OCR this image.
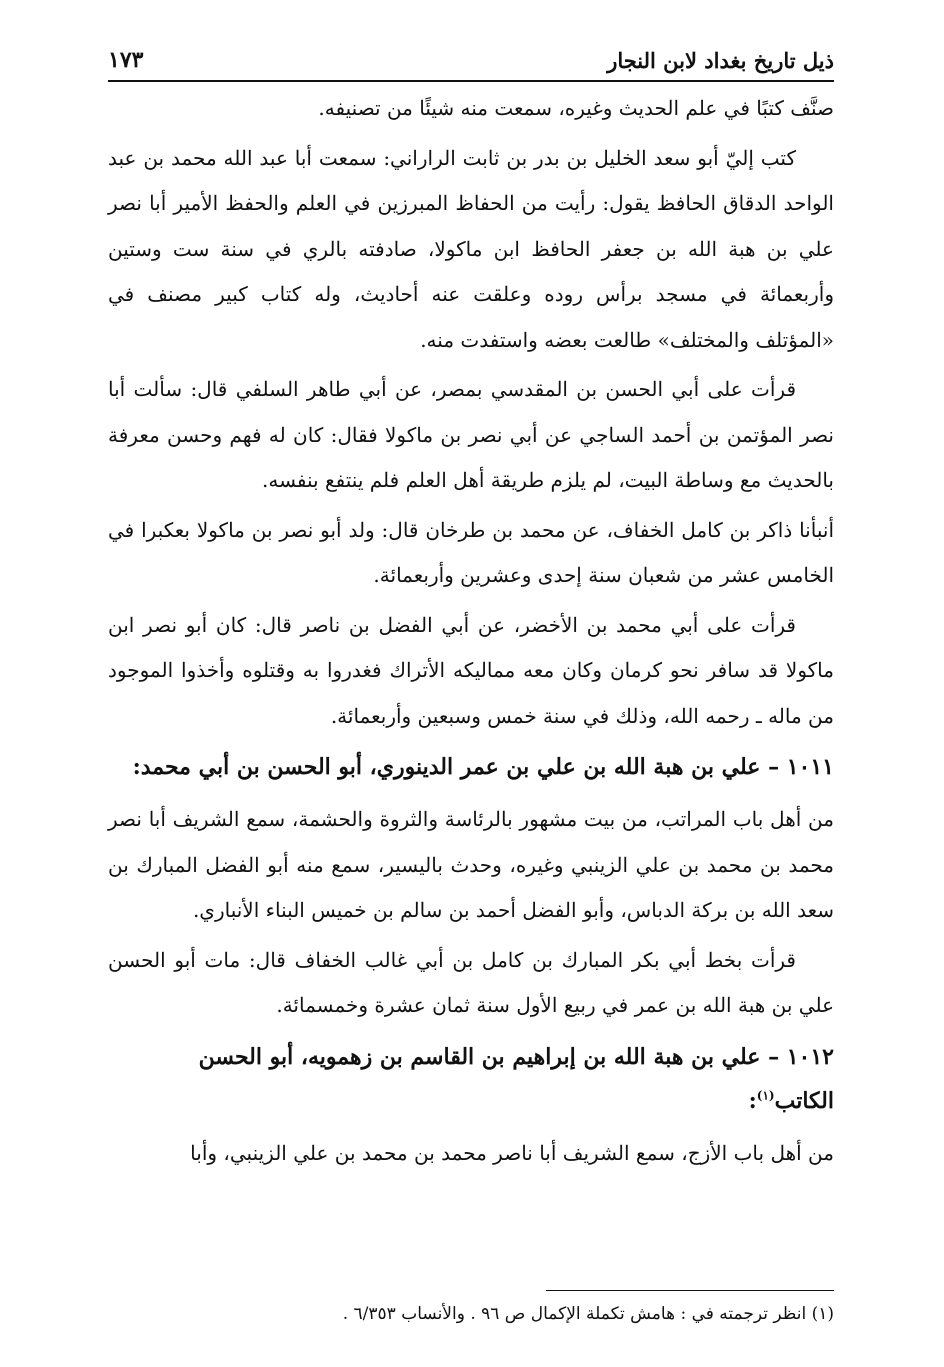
ذيل تاريخ بغداد لابن النجار
١٧٣

صنَّف كتبًا في علم الحديث وغيره، سمعت منه شيئًا من تصنيفه.

كتب إليّ أبو سعد الخليل بن بدر بن ثابت الراراني: سمعت أبا عبد الله محمد بن عبد الواحد الدقاق الحافظ يقول: رأيت من الحفاظ المبرزين في العلم والحفظ الأمير أبا نصر علي بن هبة الله بن جعفر الحافظ ابن ماكولا، صادفته بالري في سنة ست وستين وأربعمائة في مسجد برأس روده وعلقت عنه أحاديث، وله كتاب كبير مصنف في «المؤتلف والمختلف» طالعت بعضه واستفدت منه.

قرأت على أبي الحسن بن المقدسي بمصر، عن أبي طاهر السلفي قال: سألت أبا نصر المؤتمن بن أحمد الساجي عن أبي نصر بن ماكولا فقال: كان له فهم وحسن معرفة بالحديث مع وساطة البيت، لم يلزم طريقة أهل العلم فلم ينتفع بنفسه.

أنبأنا ذاكر بن كامل الخفاف، عن محمد بن طرخان قال: ولد أبو نصر بن ماكولا بعكبرا في الخامس عشر من شعبان سنة إحدى وعشرين وأربعمائة.

قرأت على أبي محمد بن الأخضر، عن أبي الفضل بن ناصر قال: كان أبو نصر ابن ماكولا قد سافر نحو كرمان وكان معه مماليكه الأتراك فغدروا به وقتلوه وأخذوا الموجود من ماله ـ رحمه الله، وذلك في سنة خمس وسبعين وأربعمائة.

١٠١١ – علي بن هبة الله بن علي بن عمر الدينوري، أبو الحسن بن أبي محمد:

من أهل باب المراتب، من بيت مشهور بالرئاسة والثروة والحشمة، سمع الشريف أبا نصر محمد بن محمد بن علي الزينبي وغيره، وحدث باليسير، سمع منه أبو الفضل المبارك بن سعد الله بن بركة الدباس، وأبو الفضل أحمد بن سالم بن خميس البناء الأنباري.

قرأت بخط أبي بكر المبارك بن كامل بن أبي غالب الخفاف قال: مات أبو الحسن علي بن هبة الله بن عمر في ربيع الأول سنة ثمان عشرة وخمسمائة.

١٠١٢ – علي بن هبة الله بن إبراهيم بن القاسم بن زهمويه، أبو الحسن الكاتب$^{(١)}$:

من أهل باب الأزج، سمع الشريف أبا ناصر محمد بن محمد بن علي الزينبي، وأبا

(١) انظر ترجمته في : هامش تكملة الإكمال ص ٩٦ . والأنساب ٦/٣٥٣ .
